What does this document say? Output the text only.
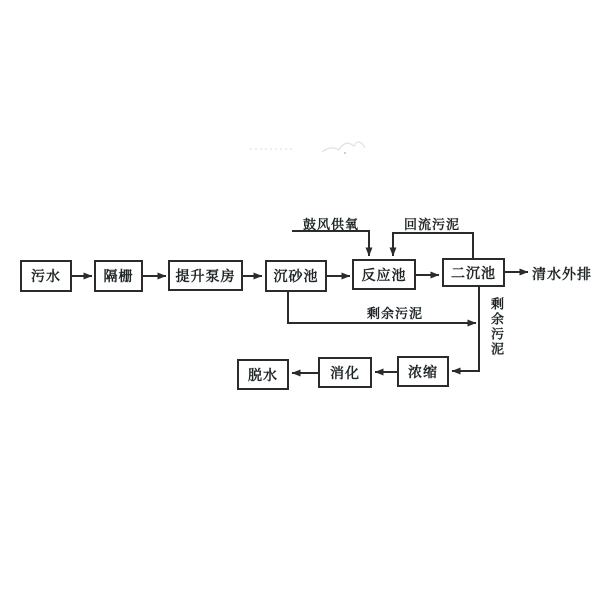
污水	隔栅	提升泵房	沉砂池	反应池	二沉池
浓缩
消化
脱水
鼓风供氧	回流污泥
剩余污泥	剩余污泥
清水外排
